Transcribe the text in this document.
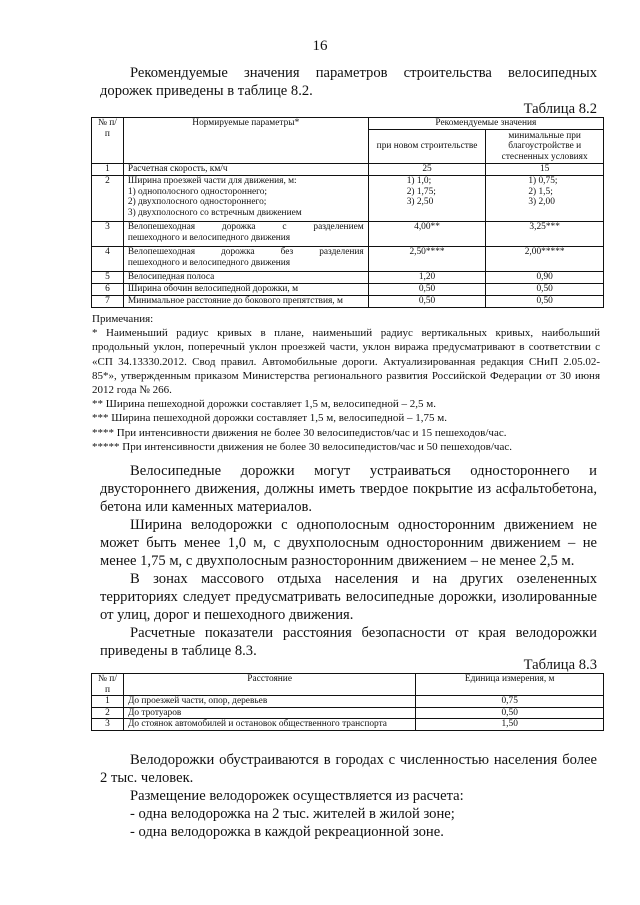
16

Рекомендуемые значения параметров строительства велосипедных дорожек приведены в таблице 8.2.

Таблица 8.2
№ п/п	Нормируемые параметры*	Рекомендуемые значения	
		при новом строительстве	минимальные при благоустройстве и стесненных условиях
1	Расчетная скорость, км/ч	25	15

2	Ширина проезжей части для движения, м:
1) однополосного одностороннего;
2) двухполосного одностороннего;
3) двухполосного со встречным движением	1) 1,0;
2) 1,75;
3) 2,50	1) 0,75;
2) 1,5;
3) 2,00

3	Велопешеходная дорожка с разделением
пешеходного и велосипедного движения	4,00**	3,25***

4	Велопешеходная дорожка без разделения
пешеходного и велосипедного движения	2,50****	2,00*****

5	Велосипедная полоса	1,20	0,90

6	Ширина обочин велосипедной дорожки, м	0,50	0,50

7	Минимальное расстояние до бокового препятствия, м	0,50	0,50

Примечания:

* Наименьший радиус кривых в плане, наименьший радиус вертикальных кривых, наибольший продольный уклон, поперечный уклон проезжей части, уклон виража предусматривают в соответствии с «СП 34.13330.2012. Свод правил. Автомобильные дороги. Актуализированная редакция СНиП 2.05.02-85*», утвержденным приказом Министерства регионального развития Российской Федерации от 30 июня 2012 года № 266.

** Ширина пешеходной дорожки составляет 1,5 м, велосипедной – 2,5 м.

*** Ширина пешеходной дорожки составляет 1,5 м, велосипедной – 1,75 м.

**** При интенсивности движения не более 30 велосипедистов/час и 15 пешеходов/час.

***** При интенсивности движения не более 30 велосипедистов/час и 50 пешеходов/час.

Велосипедные дорожки могут устраиваться одностороннего и двустороннего движения, должны иметь твердое покрытие из асфальтобетона, бетона или каменных материалов.

Ширина велодорожки с однополосным односторонним движением не может быть менее 1,0 м, с двухполосным односторонним движением – не менее 1,75 м, с двухполосным разносторонним движением – не менее 2,5 м.

В зонах массового отдыха населения и на других озелененных территориях следует предусматривать велосипедные дорожки, изолированные от улиц, дорог и пешеходного движения.

Расчетные показатели расстояния безопасности от края велодорожки приведены в таблице 8.3.

Таблица 8.3
№ п/п	Расстояние	Единица измерения, м
1	До проезжей части, опор, деревьев	0,75
2	До тротуаров	0,50
3	До стоянок автомобилей и остановок общественного транспорта	1,50

Велодорожки обустраиваются в городах с численностью населения более 2 тыс. человек.

Размещение велодорожек осуществляется из расчета:

- одна велодорожка на 2 тыс. жителей в жилой зоне;

- одна велодорожка в каждой рекреационной зоне.
